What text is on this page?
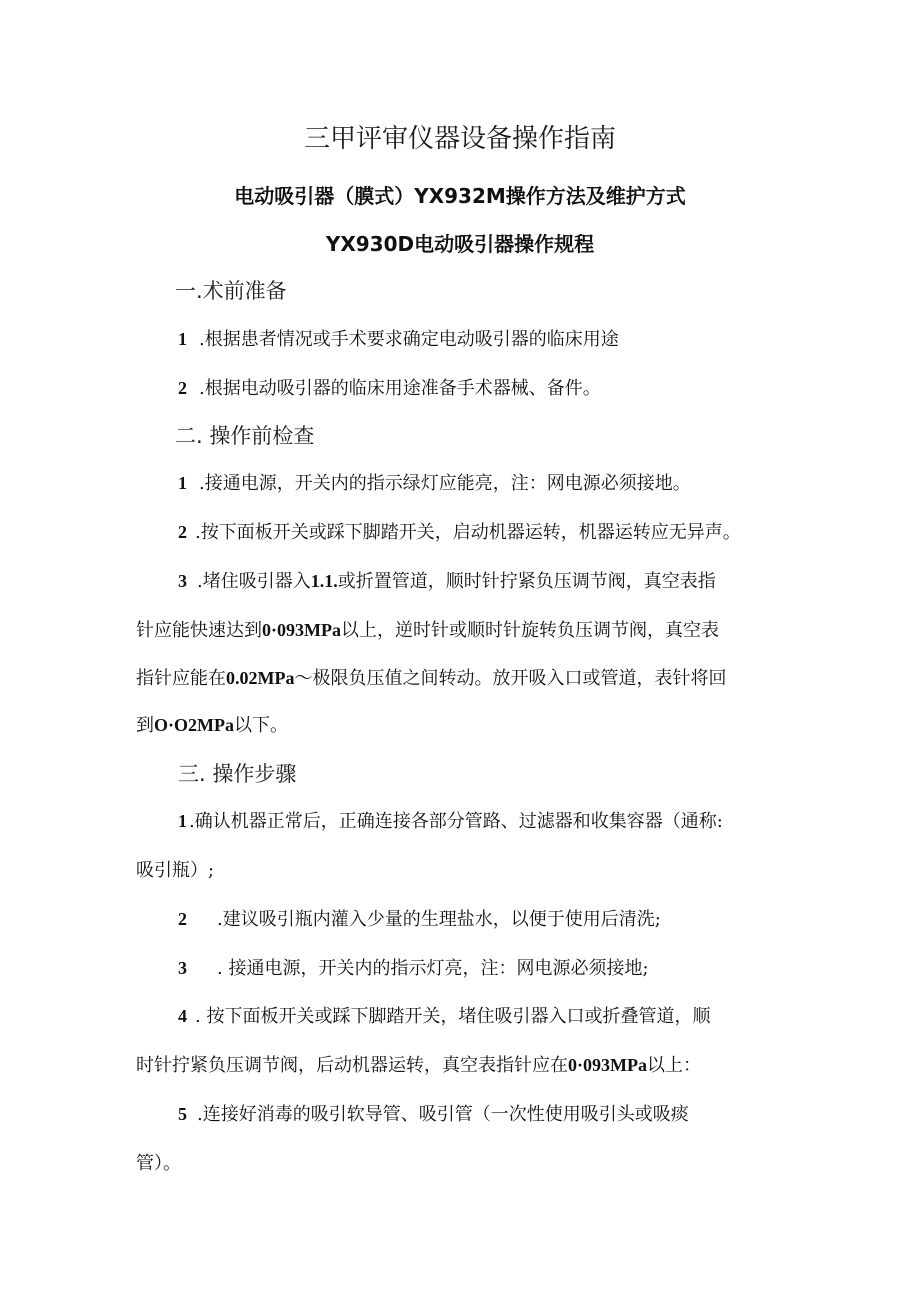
三甲评审仪器设备操作指南
电动吸引器（膜式）YX932M操作方法及维护方式
YX930D电动吸引器操作规程
一.术前准备
1 .根据患者情况或手术要求确定电动吸引器的临床用途
2 .根据电动吸引器的临床用途准备手术器械、备件。
二. 操作前检查
1 .接通电源，开关内的指示绿灯应能亮，注：网电源必须接地。
2 .按下面板开关或踩下脚踏开关，启动机器运转，机器运转应无异声。
3 .堵住吸引器入1.1.或折置管道，顺时针拧紧负压调节阀，真空表指
针应能快速达到0·093MPa以上，逆时针或顺时针旋转负压调节阀，真空表
指针应能在0.02MPa～极限负压值之间转动。放开吸入口或管道，表针将回
到O·O2MPa以下。
三. 操作步骤
1 .确认机器正常后，正确连接各部分管路、过滤器和收集容器（通称:
吸引瓶）;
2 .建议吸引瓶内灌入少量的生理盐水，以便于使用后清洗;
3 . 接通电源，开关内的指示灯亮，注：网电源必须接地;
4 . 按下面板开关或踩下脚踏开关，堵住吸引器入口或折叠管道，顺
时针拧紧负压调节阀，后动机器运转，真空表指针应在0·093MPa以上：
5 .连接好消毒的吸引软导管、吸引管（一次性使用吸引头或吸痰
管）。
